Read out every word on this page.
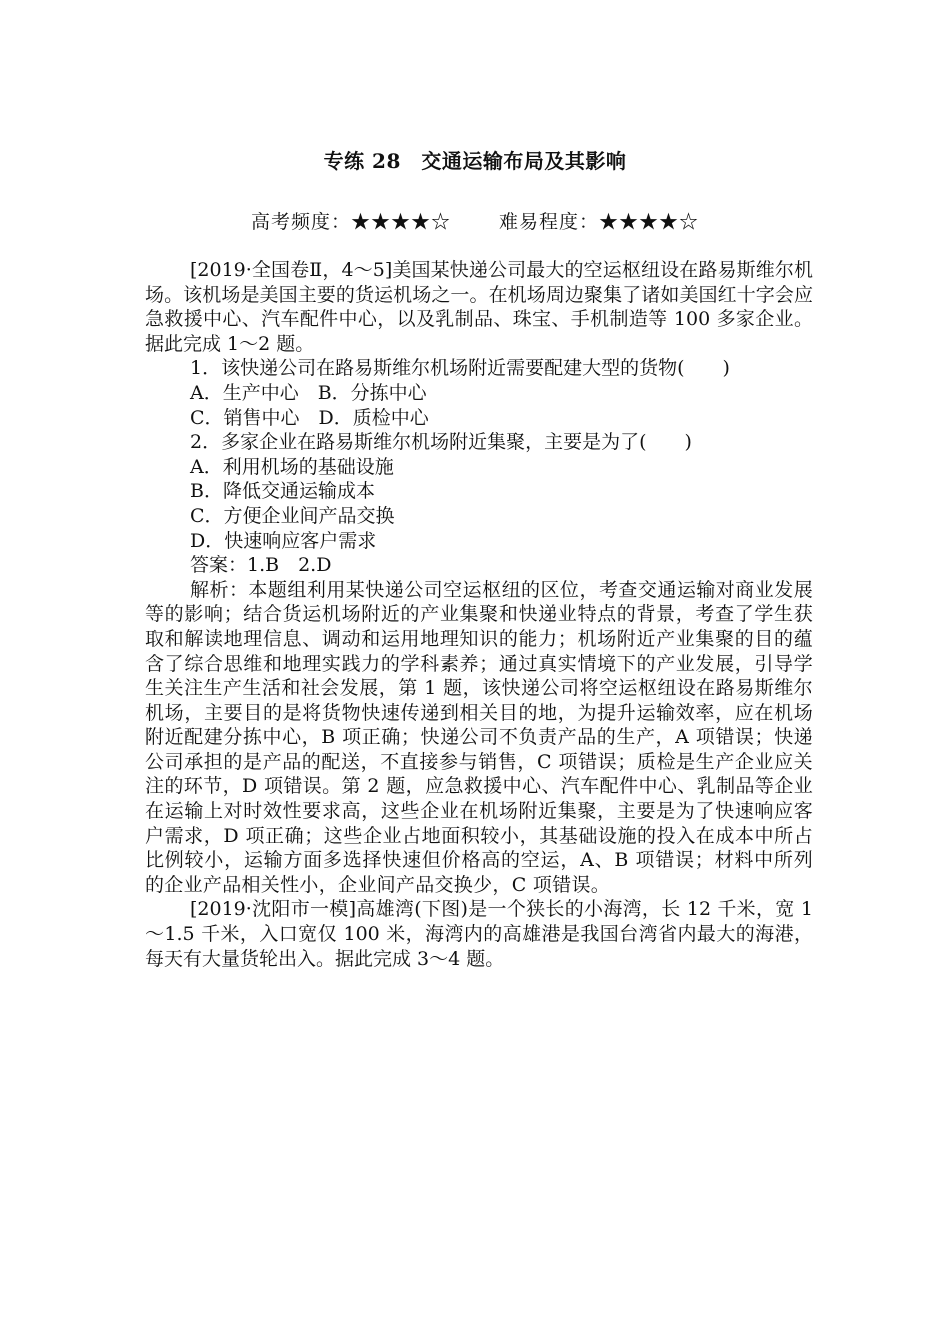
专练 28　交通运输布局及其影响
高考频度：★★★★☆	难易程度：★★★★☆

[2019·全国卷Ⅱ，4～5]美国某快递公司最大的空运枢纽设在路易斯维尔机场。该机场是美国主要的货运机场之一。在机场周边聚集了诸如美国红十字会应急救援中心、汽车配件中心，以及乳制品、珠宝、手机制造等 100 多家企业。据此完成 1～2 题。

1．该快递公司在路易斯维尔机场附近需要配建大型的货物(　　)

A．生产中心　B．分拣中心

C．销售中心　D．质检中心

2．多家企业在路易斯维尔机场附近集聚，主要是为了(　　)

A．利用机场的基础设施

B．降低交通运输成本

C．方便企业间产品交换

D．快速响应客户需求

答案：1.B　2.D

解析：本题组利用某快递公司空运枢纽的区位，考查交通运输对商业发展等的影响；结合货运机场附近的产业集聚和快递业特点的背景，考查了学生获取和解读地理信息、调动和运用地理知识的能力；机场附近产业集聚的目的蕴含了综合思维和地理实践力的学科素养；通过真实情境下的产业发展，引导学生关注生产生活和社会发展，第 1 题，该快递公司将空运枢纽设在路易斯维尔机场，主要目的是将货物快速传递到相关目的地，为提升运输效率，应在机场附近配建分拣中心，B 项正确；快递公司不负责产品的生产，A 项错误；快递公司承担的是产品的配送，不直接参与销售，C 项错误；质检是生产企业应关注的环节，D 项错误。第 2 题，应急救援中心、汽车配件中心、乳制品等企业在运输上对时效性要求高，这些企业在机场附近集聚，主要是为了快速响应客户需求，D 项正确；这些企业占地面积较小，其基础设施的投入在成本中所占比例较小，运输方面多选择快速但价格高的空运，A、B 项错误；材料中所列的企业产品相关性小，企业间产品交换少，C 项错误。

[2019·沈阳市一模]高雄湾(下图)是一个狭长的小海湾，长 12 千米，宽 1～1.5 千米，入口宽仅 100 米，海湾内的高雄港是我国台湾省内最大的海港，每天有大量货轮出入。据此完成 3～4 题。
